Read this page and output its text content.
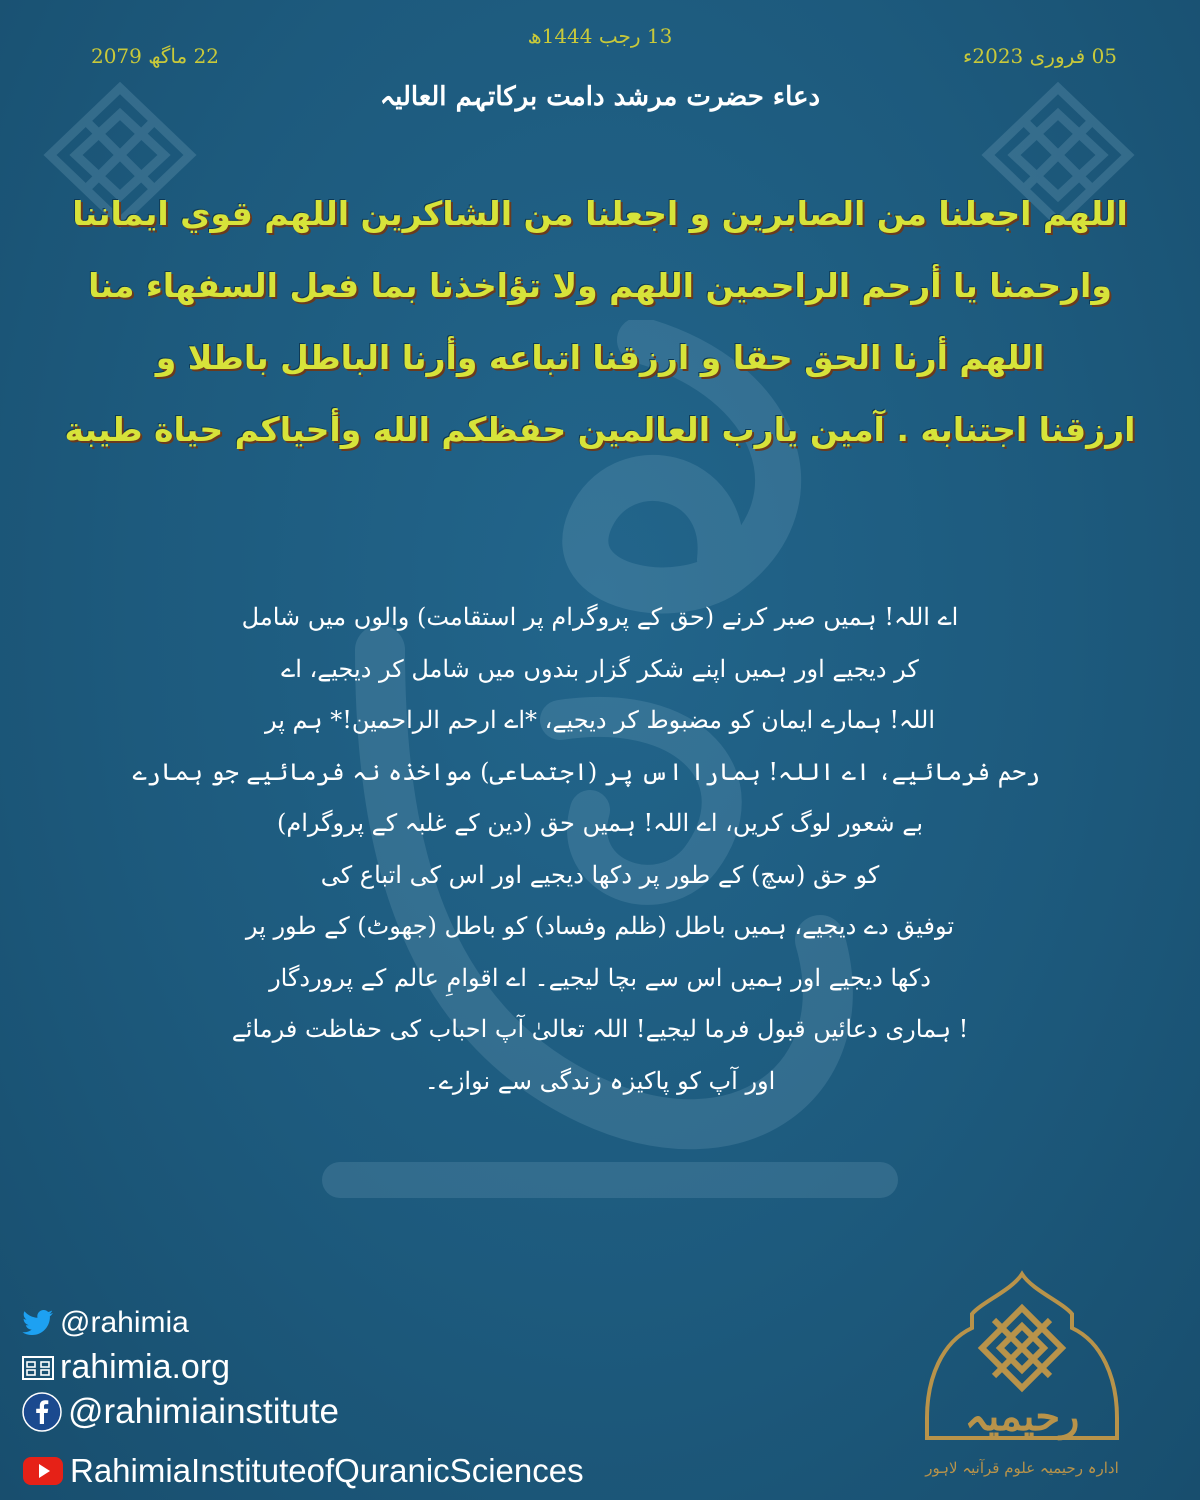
13 رجب 1444ھ
22 ماگھ 2079	05 فروری 2023ء
دعاء حضرت مرشد دامت برکاتہم العالیہ
اللهم اجعلنا من الصابرين و اجعلنا من الشاكرين اللهم قوي ايماننا
وارحمنا يا أرحم الراحمين اللهم ولا تؤاخذنا بما فعل السفهاء منا
اللهم أرنا الحق حقا و ارزقنا اتباعه وأرنا الباطل باطلا و
ارزقنا اجتنابه . آمين يارب العالمين حفظكم الله وأحياكم حياة طيبة
اے اللہ! ہمیں صبر کرنے (حق کے پروگرام پر استقامت) والوں میں شامل
کر دیجیے اور ہمیں اپنے شکر گزار بندوں میں شامل کر دیجیے، اے
اللہ! ہمارے ایمان کو مضبوط کر دیجیے، *اے ارحم الراحمین!* ہم پر
رحم فرمائیے، اے اللہ! ہمارا اس پر (اجتماعی) مواخذہ نہ فرمائیے جو ہمارے
بے شعور لوگ کریں، اے اللہ! ہمیں حق (دین کے غلبہ کے پروگرام)
کو حق (سچ) کے طور پر دکھا دیجیے اور اس کی اتباع کی
توفیق دے دیجیے، ہمیں باطل (ظلم وفساد) کو باطل (جھوٹ) کے طور پر
دکھا دیجیے اور ہمیں اس سے بچا لیجیے۔ اے اقوامِ عالم کے پروردگار
! ہماری دعائیں قبول فرما لیجیے! اللہ تعالیٰ آپ احباب کی حفاظت فرمائے
اور آپ کو پاکیزہ زندگی سے نوازے۔
@rahimia
rahimia.org
@rahimiainstitute
RahimiaInstituteofQuranicSciences
رحیمیہ
ادارہ رحیمیہ علوم قرآنیہ لاہور
